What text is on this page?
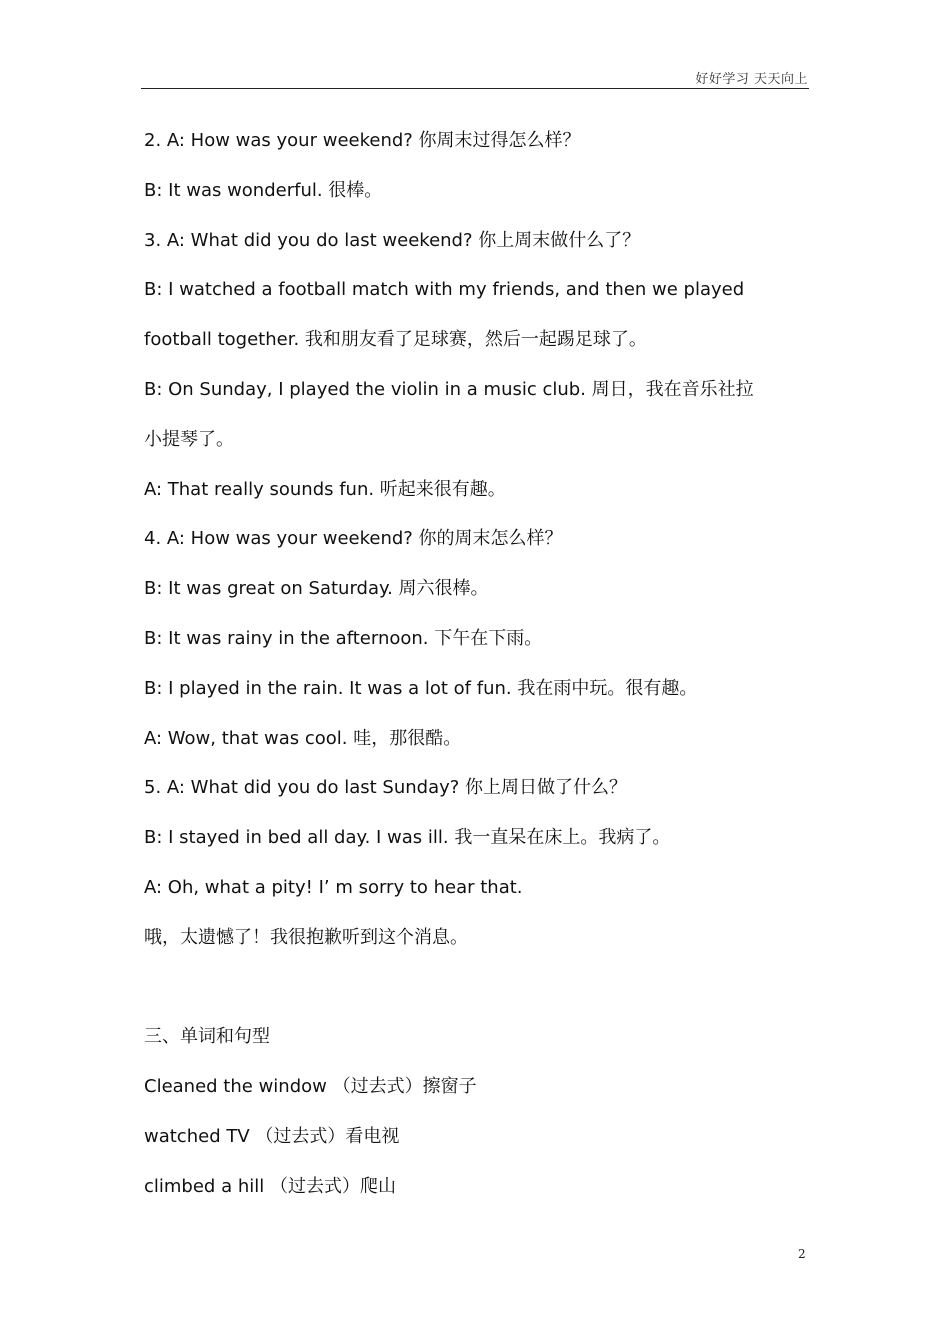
好好学习 天天向上
2. A: How was your weekend? 你周末过得怎么样？
B: It was wonderful. 很棒。
3. A: What did you do last weekend? 你上周末做什么了？
B: I watched a football match with my friends, and then we played
football together. 我和朋友看了足球赛，然后一起踢足球了。
B: On Sunday, I played the violin in a music club. 周日，我在音乐社拉
小提琴了。
A: That really sounds fun. 听起来很有趣。
4. A: How was your weekend? 你的周末怎么样？
B: It was great on Saturday. 周六很棒。
B: It was rainy in the afternoon. 下午在下雨。
B: I played in the rain. It was a lot of fun. 我在雨中玩。很有趣。
A: Wow, that was cool. 哇，那很酷。
5. A: What did you do last Sunday? 你上周日做了什么？
B: I stayed in bed all day. I was ill. 我一直呆在床上。我病了。
A: Oh, what a pity! I’ m sorry to hear that.
哦，太遗憾了！我很抱歉听到这个消息。
三、单词和句型
Cleaned the window （过去式）擦窗子
watched TV （过去式）看电视
climbed a hill （过去式）爬山
2
